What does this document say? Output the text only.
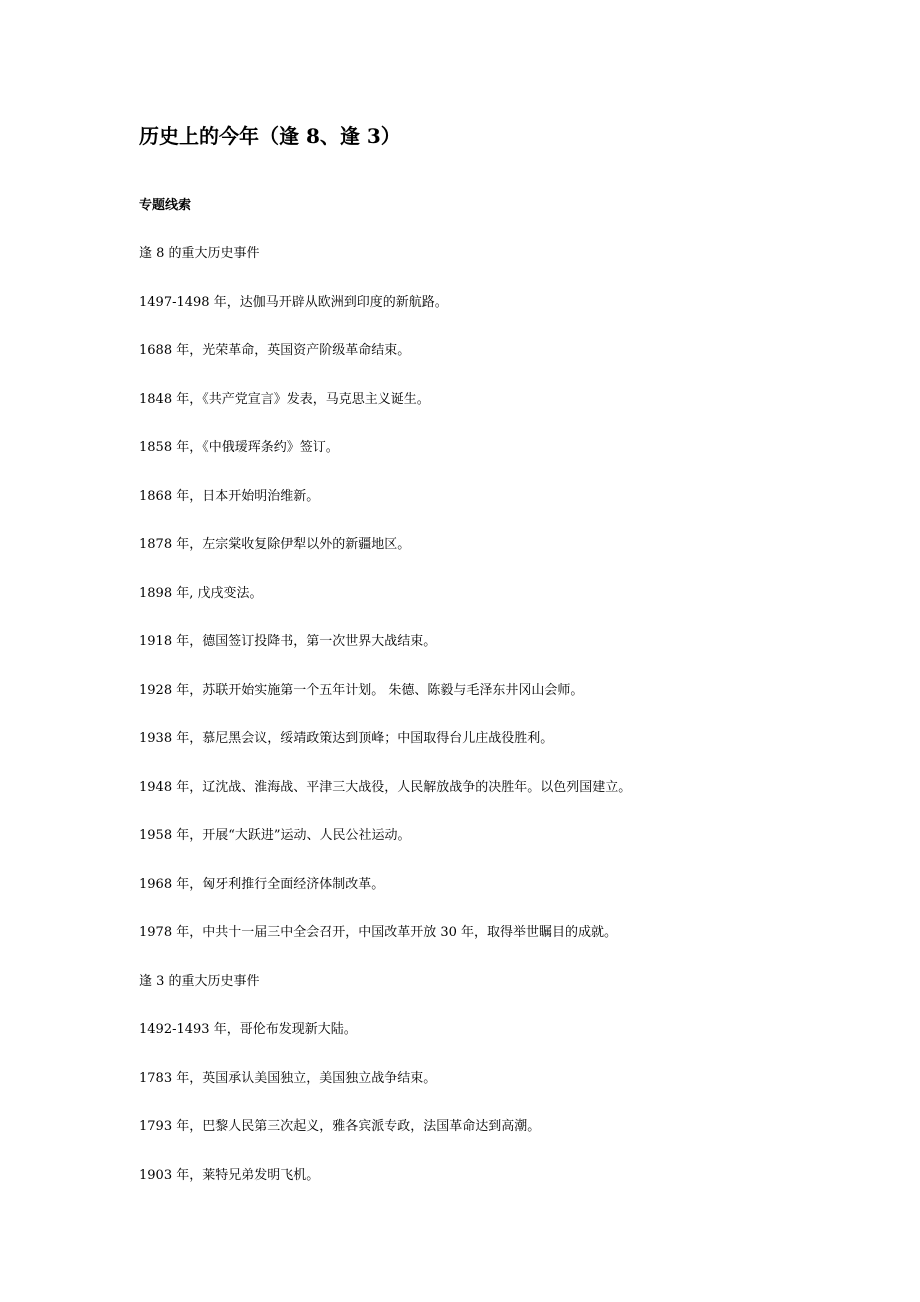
历史上的今年（逢 8、逢 3）
专题线索
逢 8 的重大历史事件
1497-1498 年，达伽马开辟从欧洲到印度的新航路。
1688 年，光荣革命，英国资产阶级革命结束。
1848 年，《共产党宣言》发表，马克思主义诞生。
1858 年，《中俄瑷珲条约》签订。
1868 年，日本开始明治维新。
1878 年，左宗棠收复除伊犁以外的新疆地区。
1898 年, 戊戌变法。
1918 年，德国签订投降书，第一次世界大战结束。
1928 年，苏联开始实施第一个五年计划。 朱德、陈毅与毛泽东井冈山会师。
1938 年，慕尼黑会议，绥靖政策达到顶峰；中国取得台儿庄战役胜利。
1948 年，辽沈战、淮海战、平津三大战役，人民解放战争的决胜年。以色列国建立。
1958 年，开展“大跃进”运动、人民公社运动。
1968 年，匈牙利推行全面经济体制改革。
1978 年，中共十一届三中全会召开，中国改革开放 30 年，取得举世瞩目的成就。
逢 3 的重大历史事件
1492-1493 年，哥伦布发现新大陆。
1783 年，英国承认美国独立，美国独立战争结束。
1793 年，巴黎人民第三次起义，雅各宾派专政，法国革命达到高潮。
1903 年，莱特兄弟发明飞机。
